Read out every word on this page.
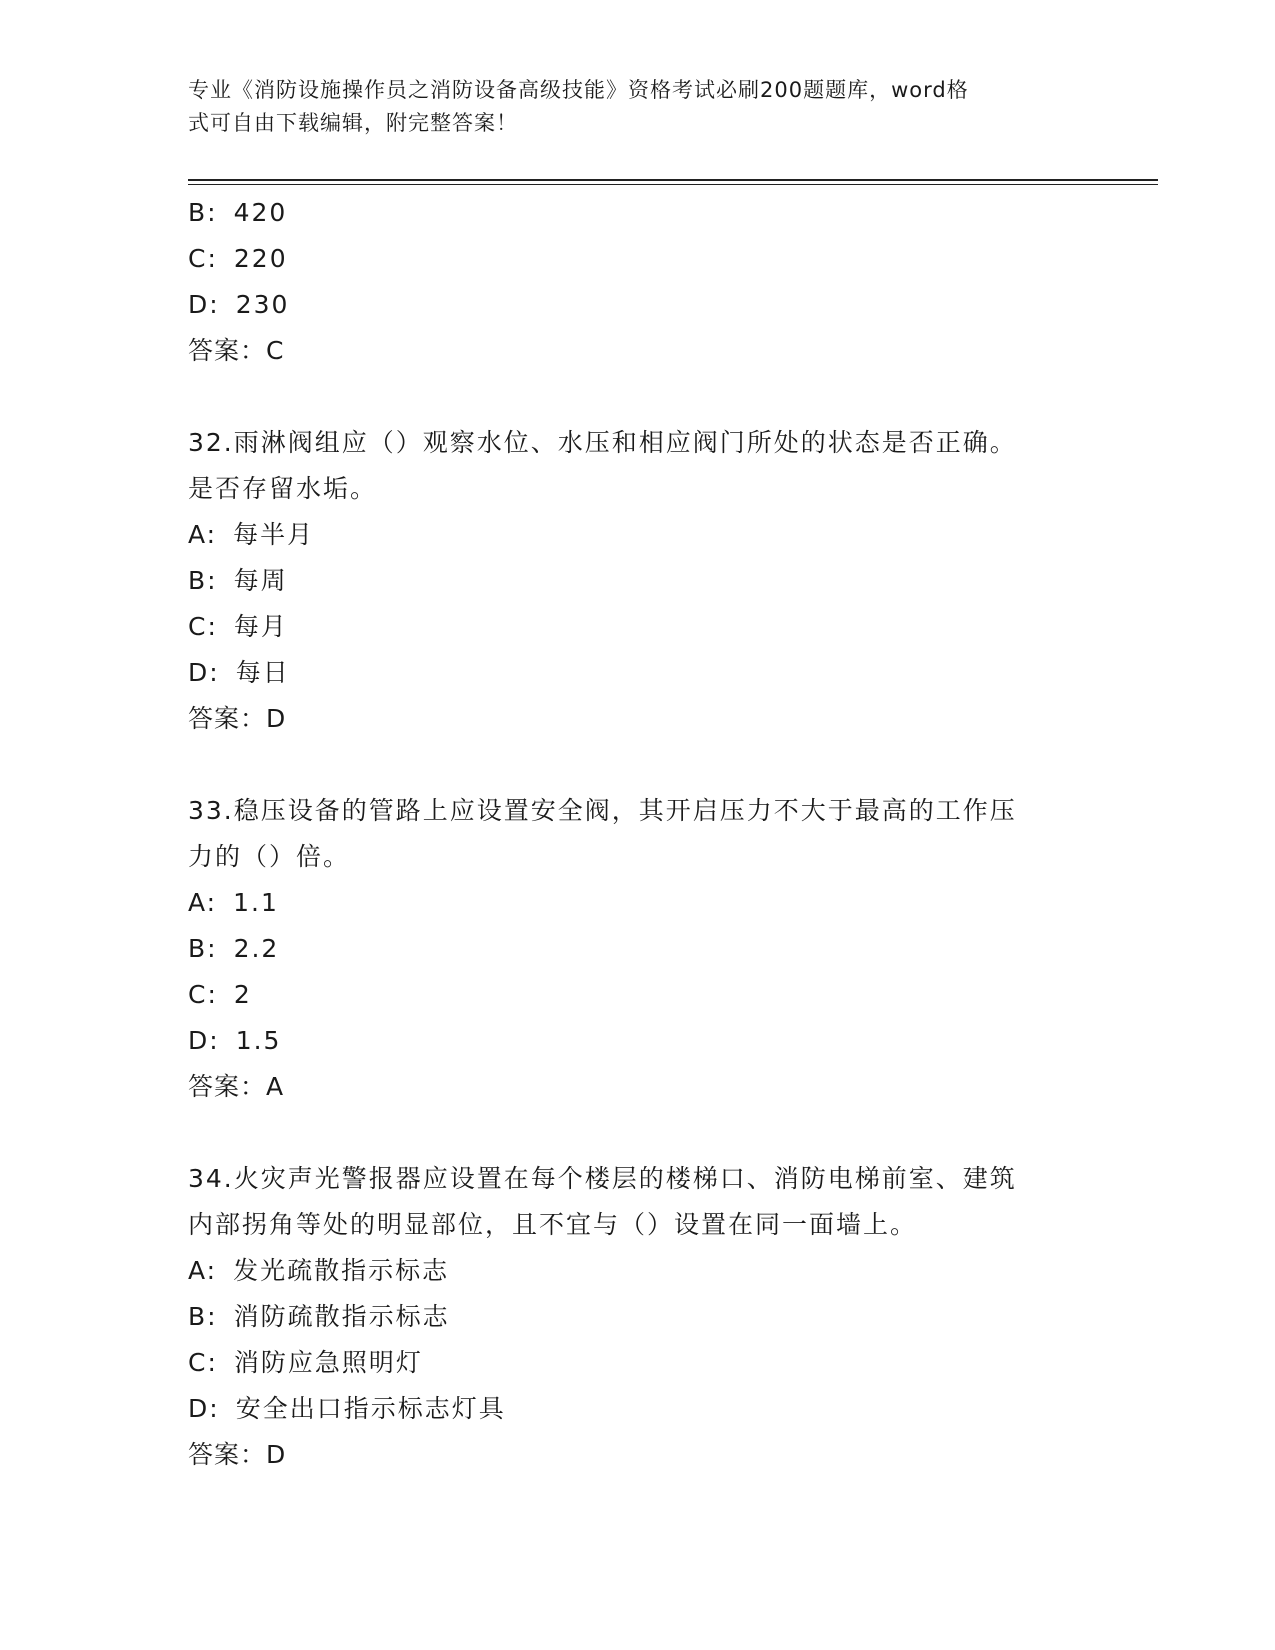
专业《消防设施操作员之消防设备高级技能》资格考试必刷200题题库，word格
式可自由下载编辑，附完整答案！
B: 420
C: 220
D: 230
答案：C
32.雨淋阀组应（）观察水位、水压和相应阀门所处的状态是否正确。
是否存留水垢。
A: 每半月
B: 每周
C: 每月
D: 每日
答案：D
33.稳压设备的管路上应设置安全阀，其开启压力不大于最高的工作压
力的（）倍。
A: 1.1
B: 2.2
C: 2
D: 1.5
答案：A
34.火灾声光警报器应设置在每个楼层的楼梯口、消防电梯前室、建筑
内部拐角等处的明显部位，且不宜与（）设置在同一面墙上。
A: 发光疏散指示标志
B: 消防疏散指示标志
C: 消防应急照明灯
D: 安全出口指示标志灯具
答案：D
